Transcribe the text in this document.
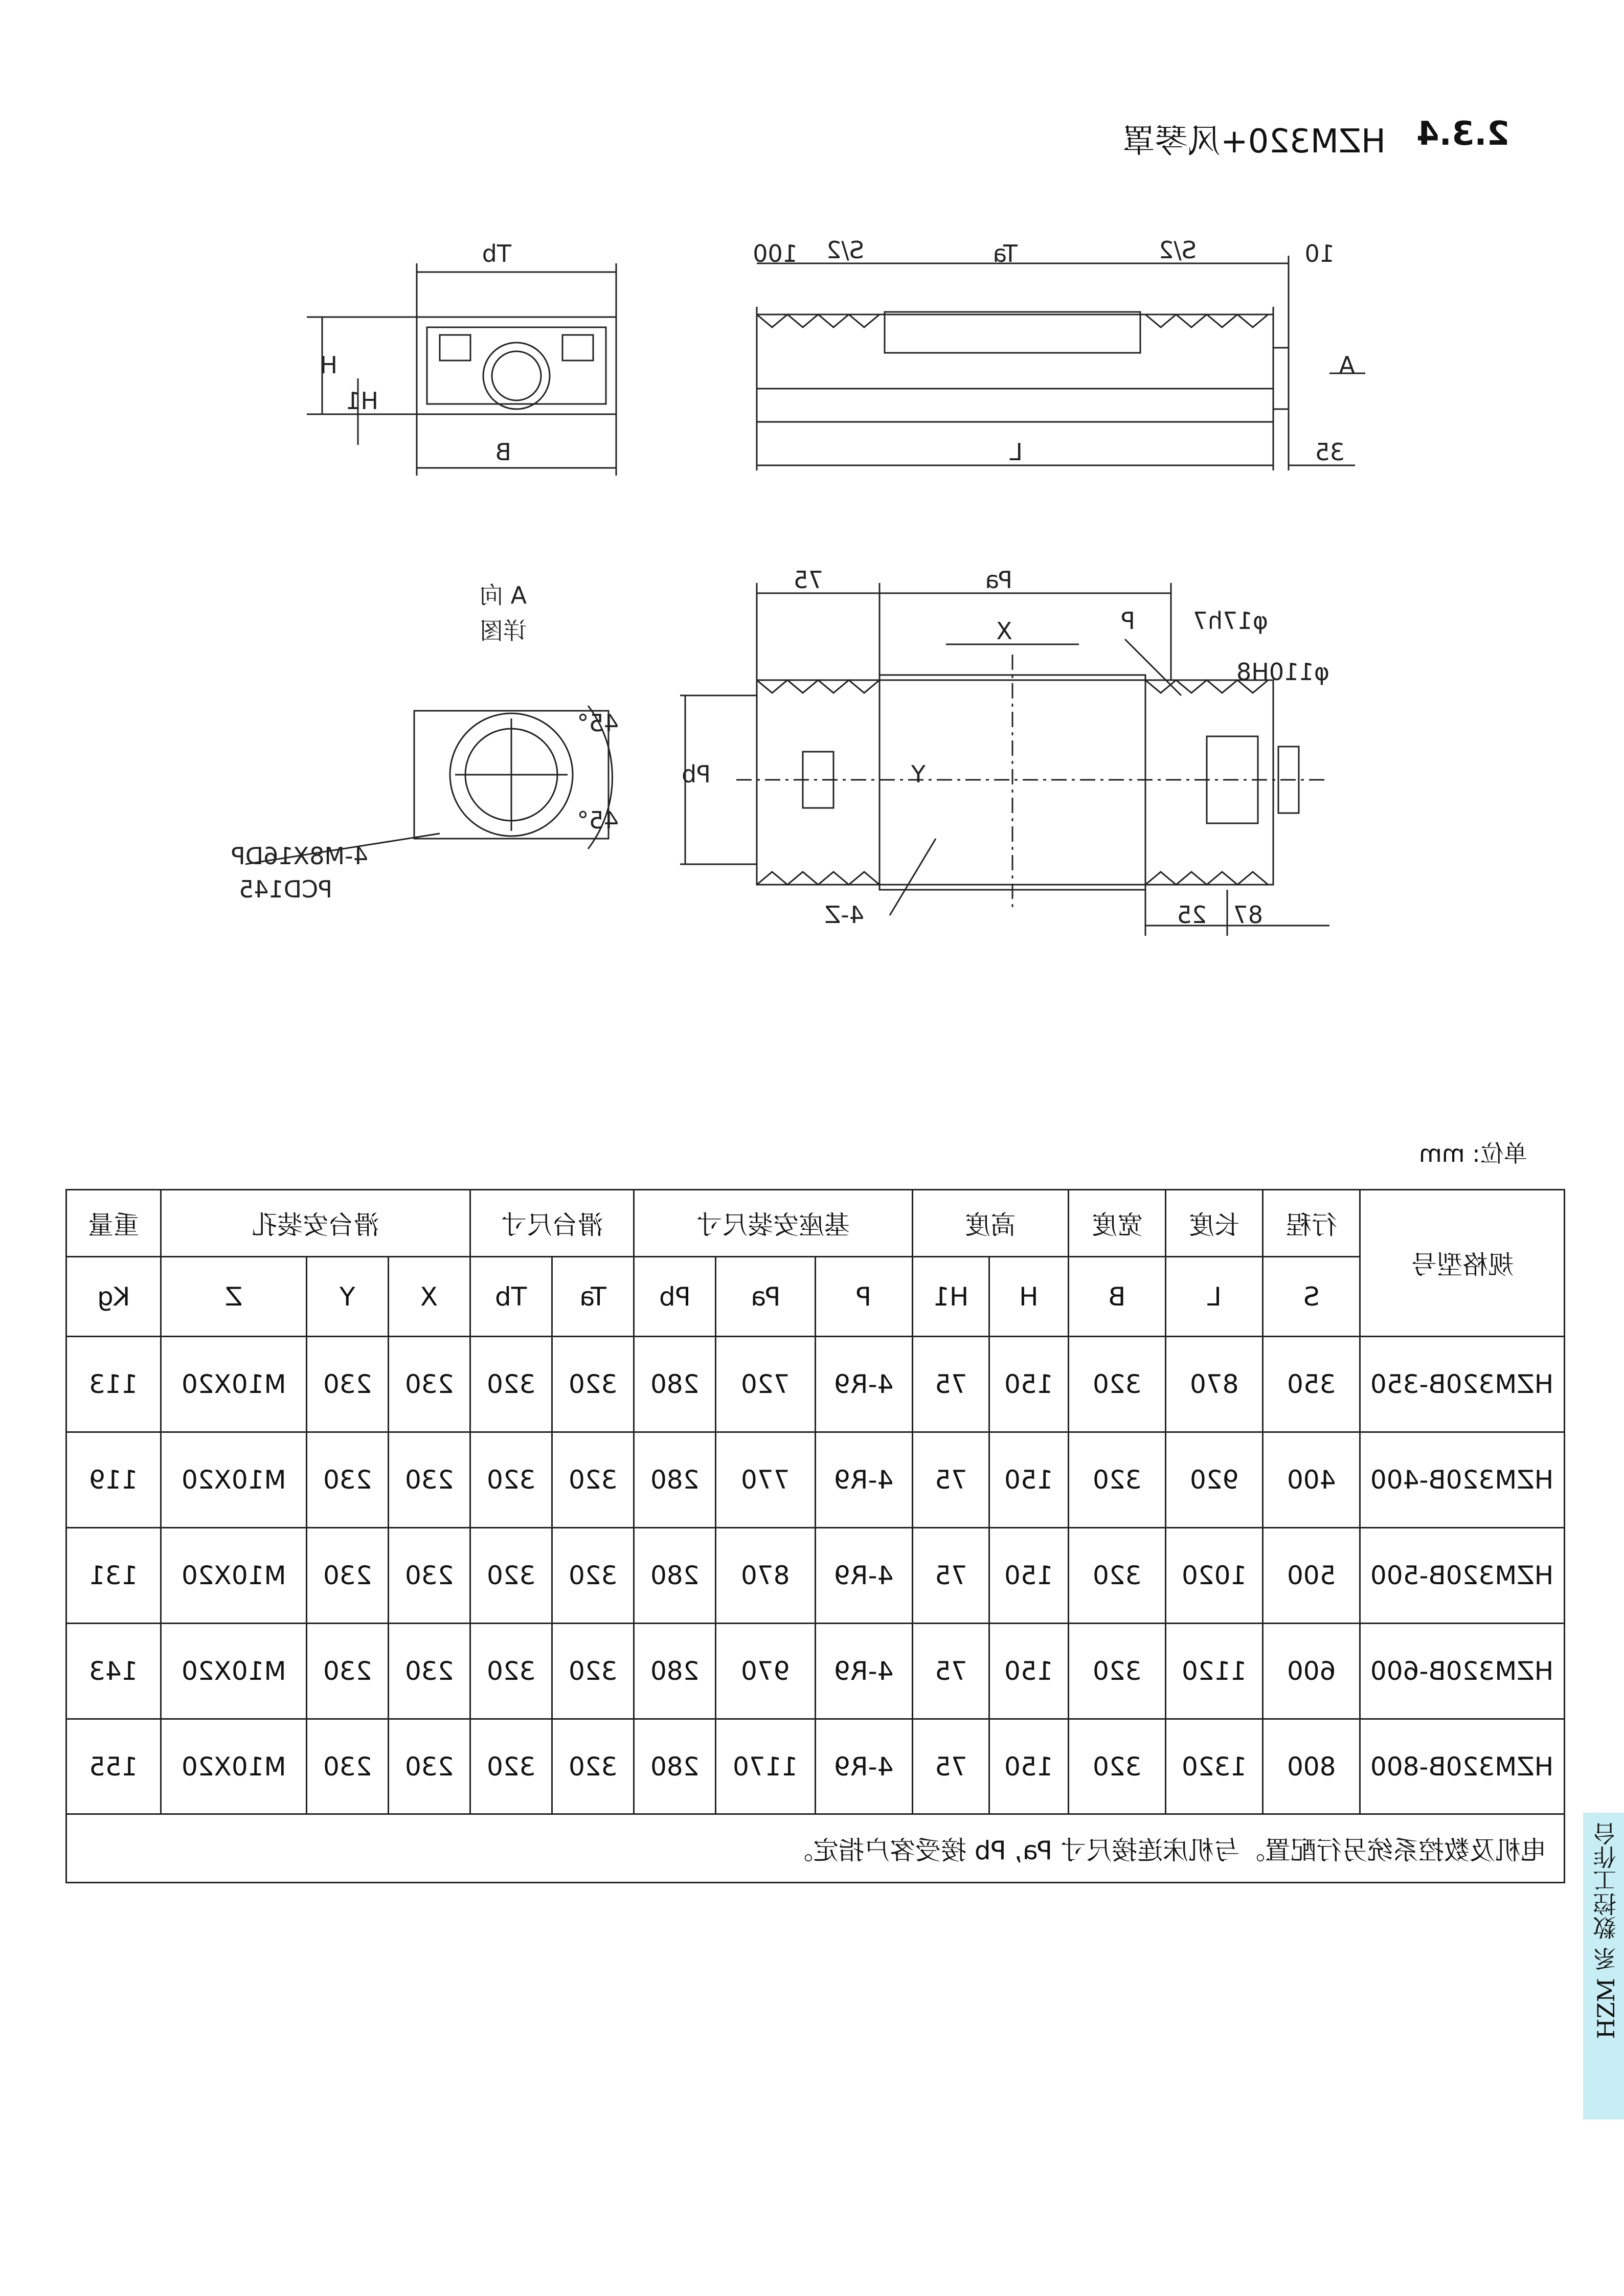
2.3.4
HZM320+风琴罩
Tb	Ta
S/2	S/2
100	10
H
H1
B	L	35
A
A 向
详图
45°
45°
4-M8X16DP
PCD145
75	Pa
X	P
Y
Pb
φ17h7
φ110H8
4-Z	25 87
单位: mm
重量	滑台安装孔			滑台尺寸		基座安装尺寸			高度		宽度	长度	行程	规格型号
Kg	Z	Y	X	Tb	Ta	Pb	Pa	P	H1	H	B	L	S	
113	M10X20	230	230	320	320	280	720	4-R9	75	150	320	870	350	HZM320B-350
119	M10X20	230	230	320	320	280	770	4-R9	75	150	320	920	400	HZM320B-400
131	M10X20	230	230	320	320	280	870	4-R9	75	150	320	1020	500	HZM320B-500
143	M10X20	230	230	320	320	280	970	4-R9	75	150	320	1120	600	HZM320B-600
155	M10X20	230	230	320	320	280	1170	4-R9	75	150	320	1320	800	HZM320B-800
电机及数控系统另行配置。与机床连接尺寸 Pa, Pb 接受客户指定。														HZM 系 数控工作台
